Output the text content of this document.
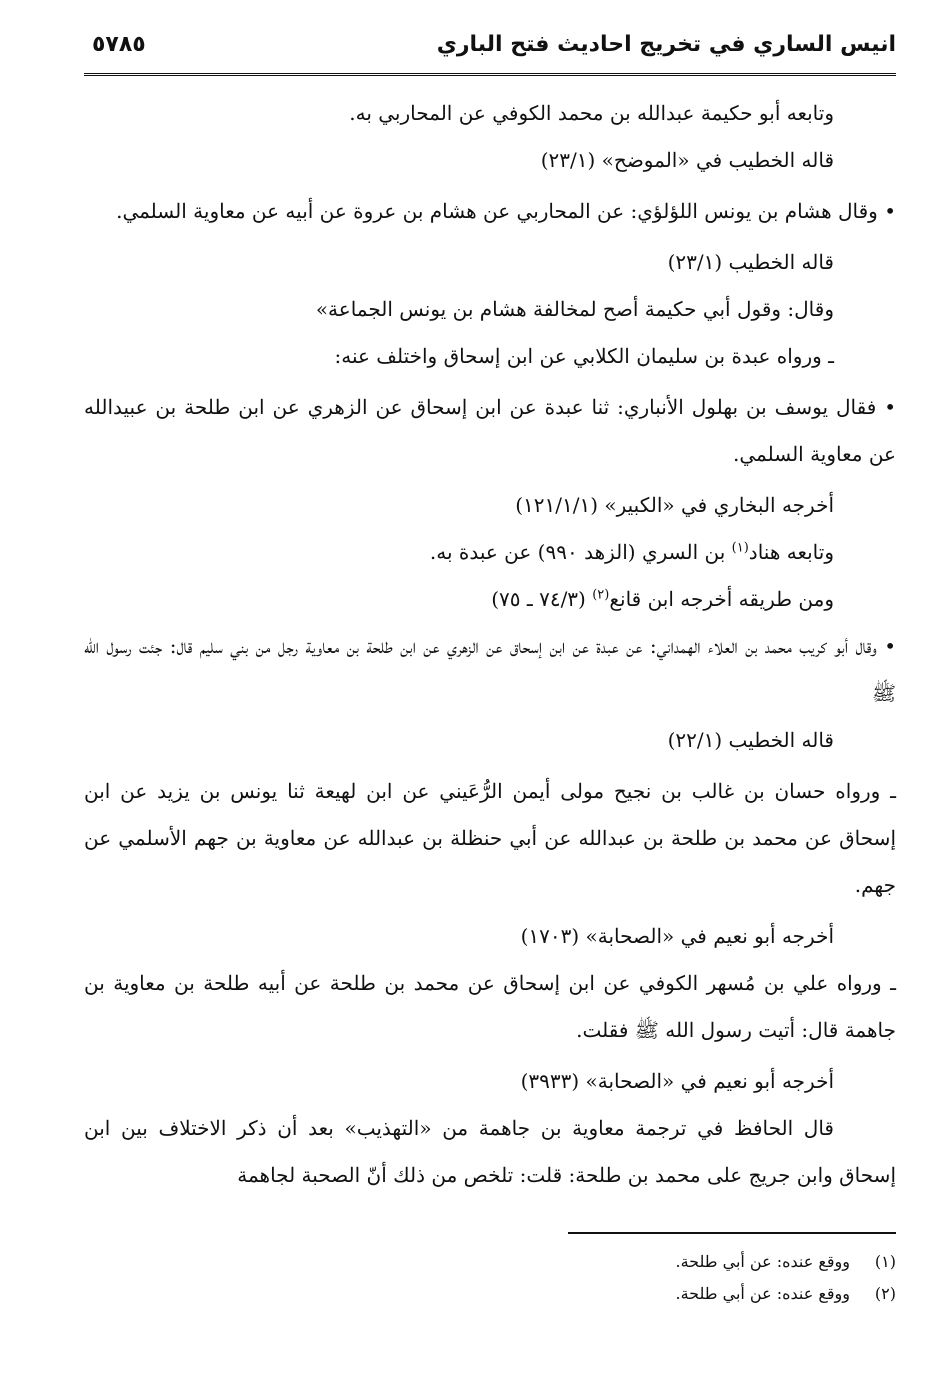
انيس الساري في تخريج احاديث فتح الباري
٥٧٨٥

وتابعه أبو حكيمة عبدالله بن محمد الكوفي عن المحاربي به.

قاله الخطيب في «الموضح» (٢٣/١)

• وقال هشام بن يونس اللؤلؤي: عن المحاربي عن هشام بن عروة عن أبيه عن معاوية السلمي.

قاله الخطيب (٢٣/١)

وقال: وقول أبي حكيمة أصح لمخالفة هشام بن يونس الجماعة»

ـ ورواه عبدة بن سليمان الكلابي عن ابن إسحاق واختلف عنه:

• فقال يوسف بن بهلول الأنباري: ثنا عبدة عن ابن إسحاق عن الزهري عن ابن طلحة بن عبيدالله عن معاوية السلمي.

أخرجه البخاري في «الكبير» (١٢١/١/١)

وتابعه هناد$^{(١)}$ بن السري (الزهد ٩٩٠) عن عبدة به.

ومن طريقه أخرجه ابن قانع$^{(٢)}$ (٧٤/٣ ـ ٧٥)

• وقال أبو كريب محمد بن العلاء الهمداني: عن عبدة عن ابن إسحاق عن الزهري عن ابن طلحة بن معاوية رجل من بني سليم قال: جئت رسول الله ﷺ

قاله الخطيب (٢٢/١)

ـ ورواه حسان بن غالب بن نجيح مولى أيمن الرُّعَيني عن ابن لهيعة ثنا يونس بن يزيد عن ابن إسحاق عن محمد بن طلحة بن عبدالله عن أبي حنظلة بن عبدالله عن معاوية بن جهم الأسلمي عن جهم.

أخرجه أبو نعيم في «الصحابة» (١٧٠٣)

ـ ورواه علي بن مُسهر الكوفي عن ابن إسحاق عن محمد بن طلحة عن أبيه طلحة بن معاوية بن جاهمة قال: أتيت رسول الله ﷺ فقلت.

أخرجه أبو نعيم في «الصحابة» (٣٩٣٣)

قال الحافظ في ترجمة معاوية بن جاهمة من «التهذيب» بعد أن ذكر الاختلاف بين ابن إسحاق وابن جريج على محمد بن طلحة: قلت: تلخص من ذلك أنّ الصحبة لجاهمة

(١)
ووقع عنده: عن أبي طلحة.
(٢)
ووقع عنده: عن أبي طلحة.
